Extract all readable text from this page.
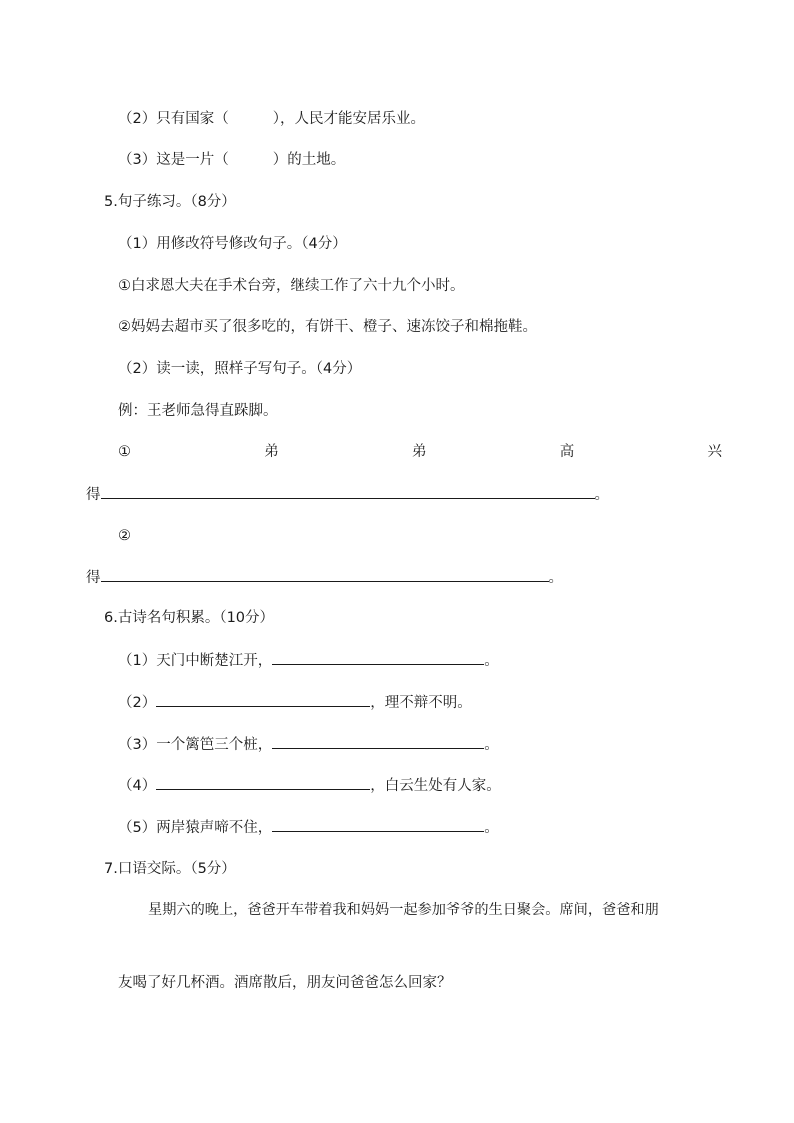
（2）只有国家（	），人民才能安居乐业。
（3）这是一片（	）的土地。
5.句子练习。（8分）
（1）用修改符号修改句子。（4分）
①白求恩大夫在手术台旁，继续工作了六十九个小时。
②妈妈去超市买了很多吃的，有饼干、橙子、速冻饺子和棉拖鞋。
（2）读一读，照样子写句子。（4分）
例：王老师急得直跺脚。
①	弟	弟	高	兴
得	。
②
得	。
6.古诗名句积累。（10分）
（1）天门中断楚江开，	。
（2）	，理不辩不明。
（3）一个篱笆三个桩，	。
（4）	，白云生处有人家。
（5）两岸猿声啼不住，	。
7.口语交际。（5分）
星期六的晚上，爸爸开车带着我和妈妈一起参加爷爷的生日聚会。席间，爸爸和朋
友喝了好几杯酒。酒席散后，朋友问爸爸怎么回家？
